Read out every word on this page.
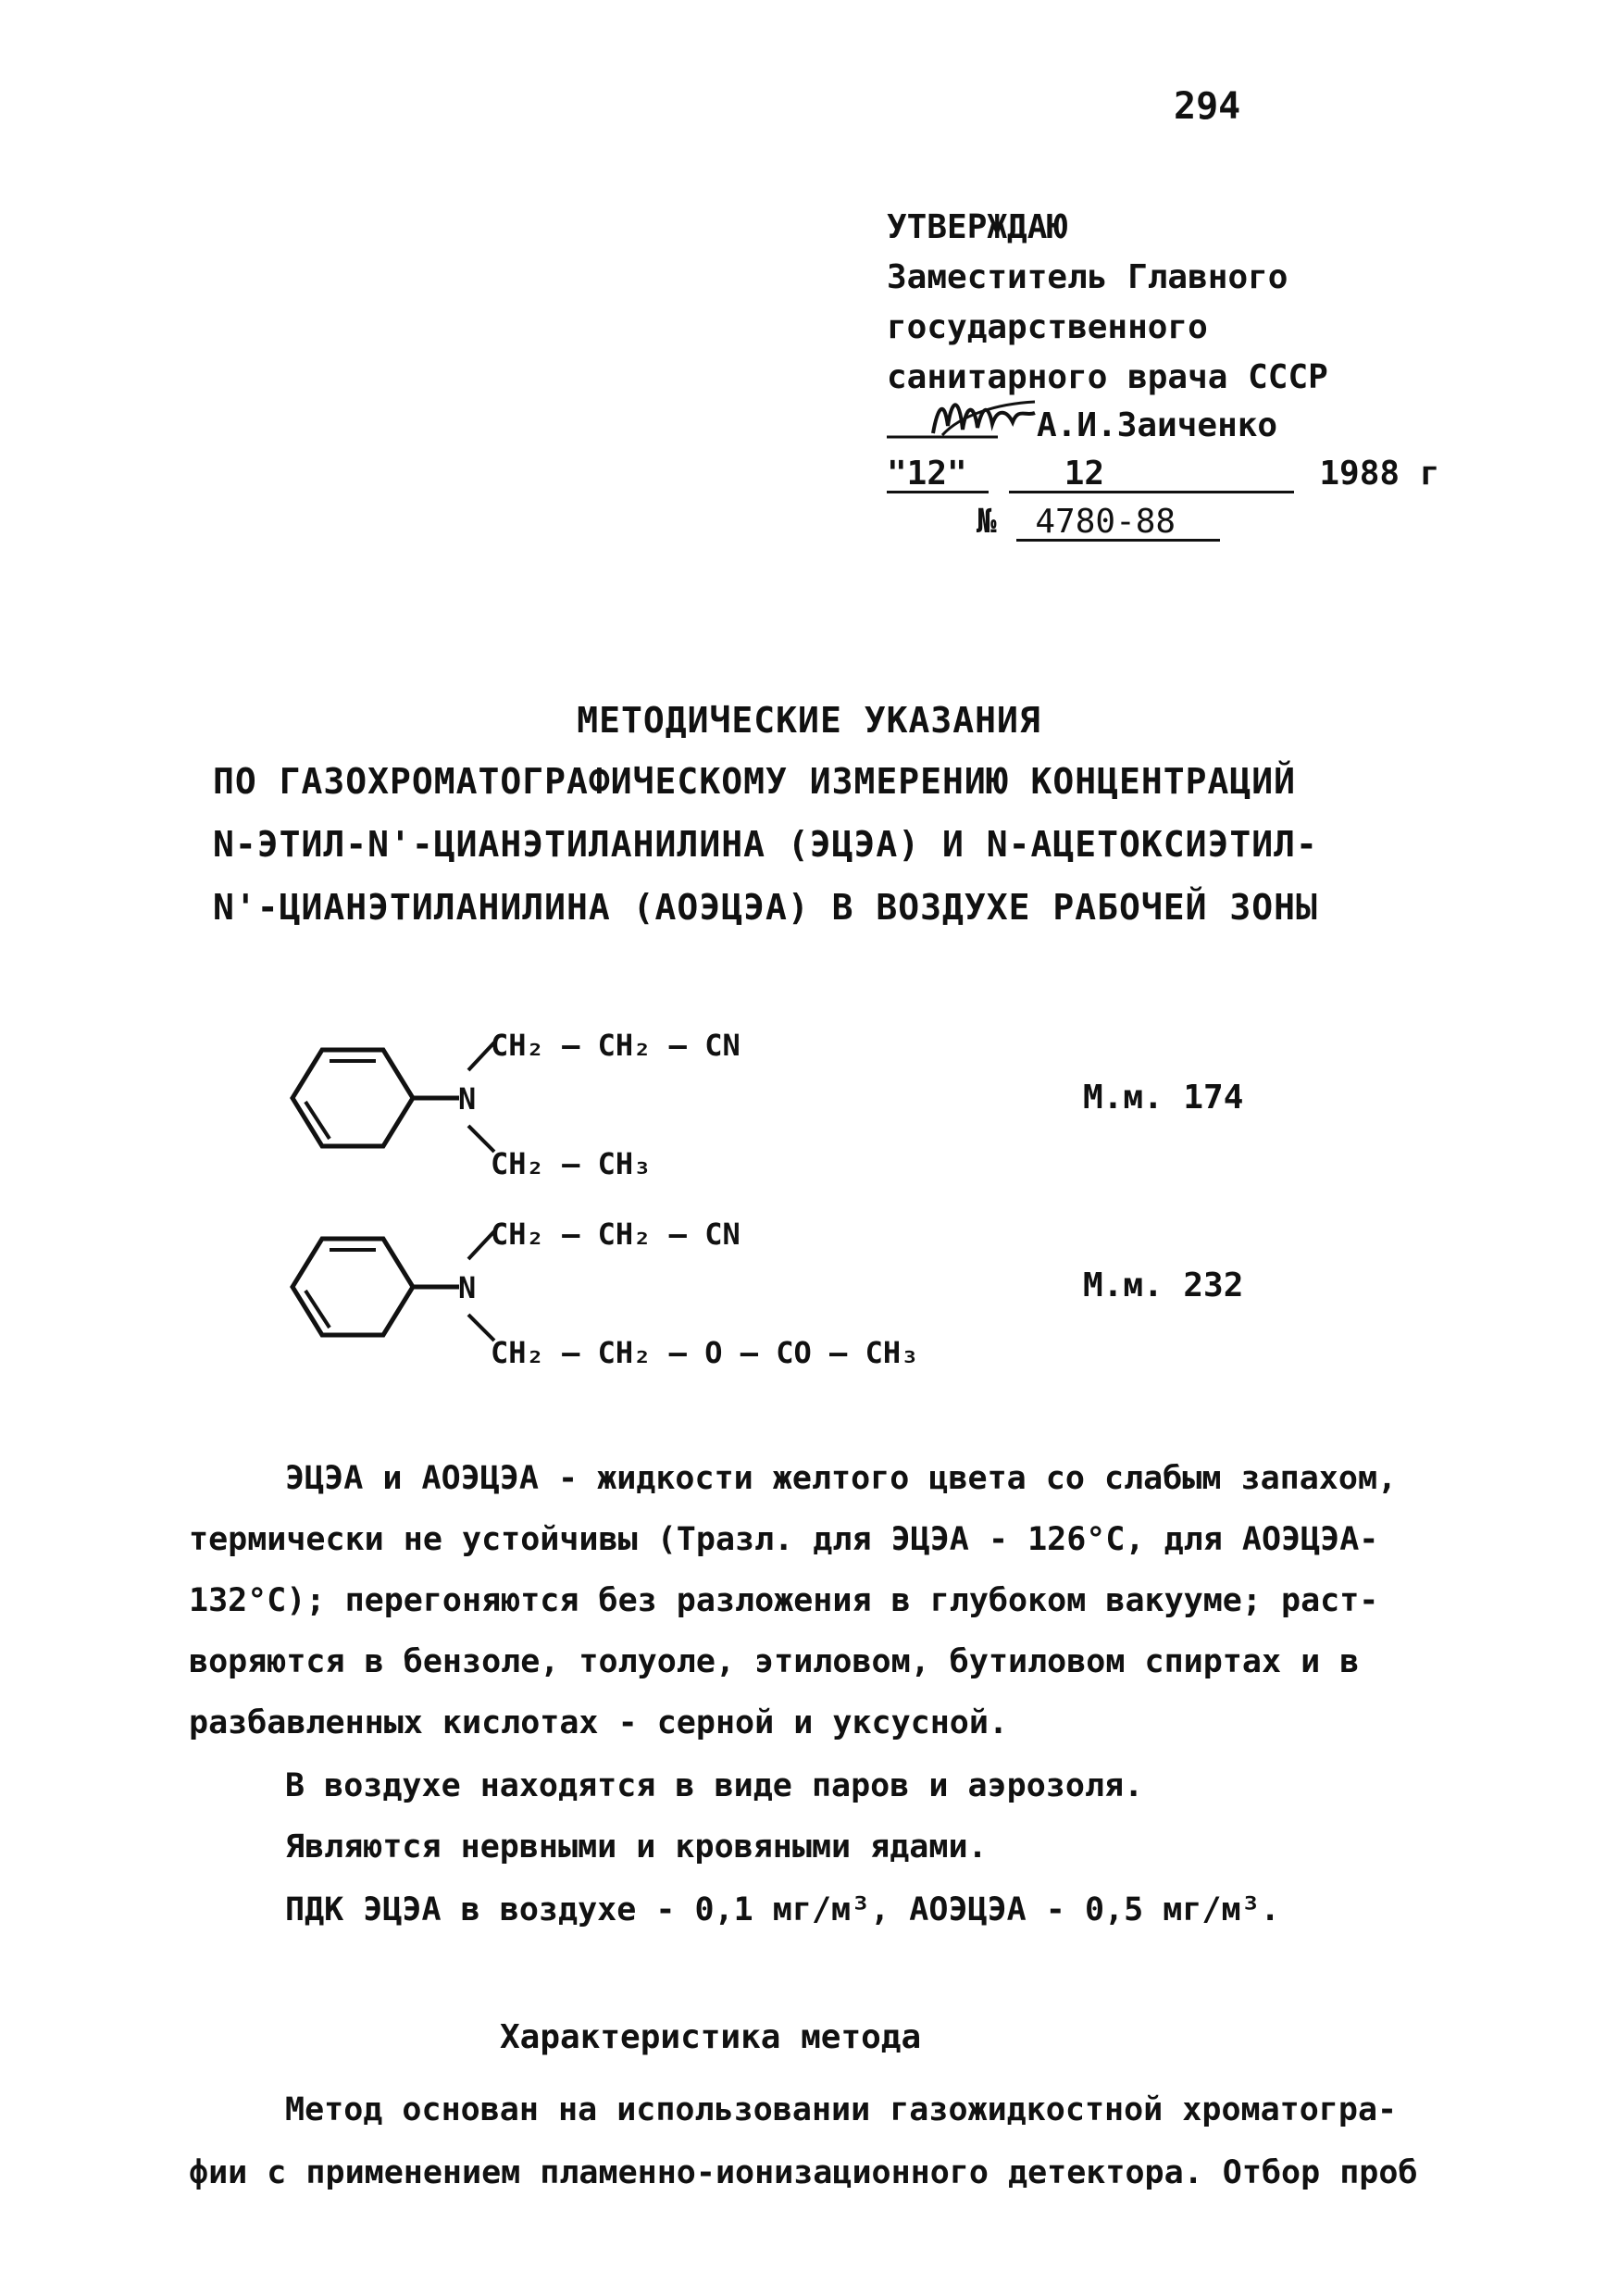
294
УТВЕРЖДАЮ
Заместитель Главного
государственного
санитарного врача СССР
А.И.Заиченко
"12"	12	1988 г
№ 4780-88
МЕТОДИЧЕСКИЕ УКАЗАНИЯ
ПО ГАЗОХРОМАТОГРАФИЧЕСКОМУ ИЗМЕРЕНИЮ КОНЦЕНТРАЦИЙ
N-ЭТИЛ-N'-ЦИАНЭТИЛАНИЛИНА (ЭЦЭА) И N-АЦЕТОКСИЭТИЛ-
N'-ЦИАНЭТИЛАНИЛИНА (АОЭЦЭА) В ВОЗДУХЕ РАБОЧЕЙ ЗОНЫ
CH₂ – CH₂ – CN
N
CH₂ – CH₃
М.м. 174
CH₂ – CH₂ – CN
N
CH₂ – CH₂ – O – CO – CH₃
М.м. 232
ЭЦЭА и АОЭЦЭА - жидкости желтого цвета со слабым запахом,
термически не устойчивы (Тразл. для ЭЦЭА - 126°С, для АОЭЦЭА-
132°С); перегоняются без разложения в глубоком вакууме; раст-
воряются в бензоле, толуоле, этиловом, бутиловом спиртах и в
разбавленных кислотах - серной и уксусной.
В воздухе находятся в виде паров и аэрозоля.
Являются нервными и кровяными ядами.
ПДК ЭЦЭА в воздухе - 0,1 мг/м³, АОЭЦЭА - 0,5 мг/м³.
Характеристика метода
Метод основан на использовании газожидкостной хроматогра-
фии с применением пламенно-ионизационного детектора. Отбор проб
